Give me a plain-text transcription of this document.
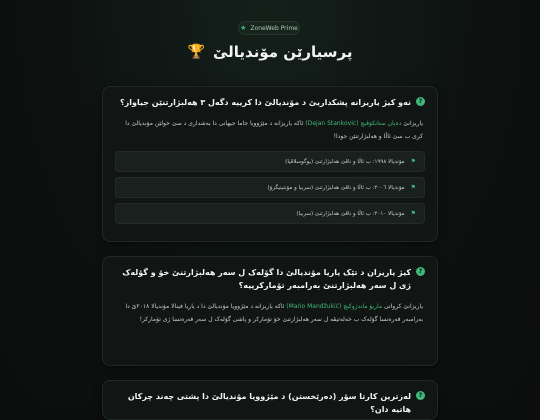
★ ZoneWeb Prime
پرسیارێن مۆندیالێ
🏆
?
نەو کیژ یاریزانە پشکداریێ د مۆندیالێ دا کرییە دگەل ٣ هەلبژارتنێن جیاواز؟
یاریزانێ دەیان ستانکۆڤیچ (Dejan Stankovic) ئاکە یاریزانە د مێژوویا جاما جیهانی دا بەشداری د سێ خولێن مۆندیالێ دا کری ب سێ ئاڵا و هەلبژارتنێن جودا!
⚑
مۆندیالا ١٩٩٨: ب ئاڵا و ناڤێ هەلبژارتنێ (یوگوسلاڤیا)
⚑
مۆندیالا ٢٠٠٦: ب ئاڵا و ناڤێ هەلبژارتنێ (سربیا و مۆنتینیگرۆ)
⚑
مۆندیالا ٢٠١٠: ب ئاڵا و ناڤێ هەلبژارتنێ (سربیا)
?
کیژ یاریزان د تێک یاریا مۆندیالێ دا گۆلەک ل سەر هەلبژارتنێ خۆ و گۆلەک ژی ل سەر هەلبژارتنێ بەرامبەر تۆمارکرییە؟
یاریزانێ کرواتی ماریۆ ماندژوکیچ (Mario Mandžukić) ئاکە یاریزانە د مێژوویا مۆندیالێ دا د یاریا فینالا مۆندیالا ٢٠١٨ێ دا بەرامبەر فەرەنسا گۆلەک ب خەلەتیڤە ل سەر هەلبژارتنێ خۆ تۆمارکر و پاشی گۆلەک ل سەر فەرەنسا ژی تۆمارکر!
?
لەزترین کارتا سۆر (دەرێخستن) د مێژوویا مۆندیالێ دا پشتی چەند چرکان هاتیە دان؟
